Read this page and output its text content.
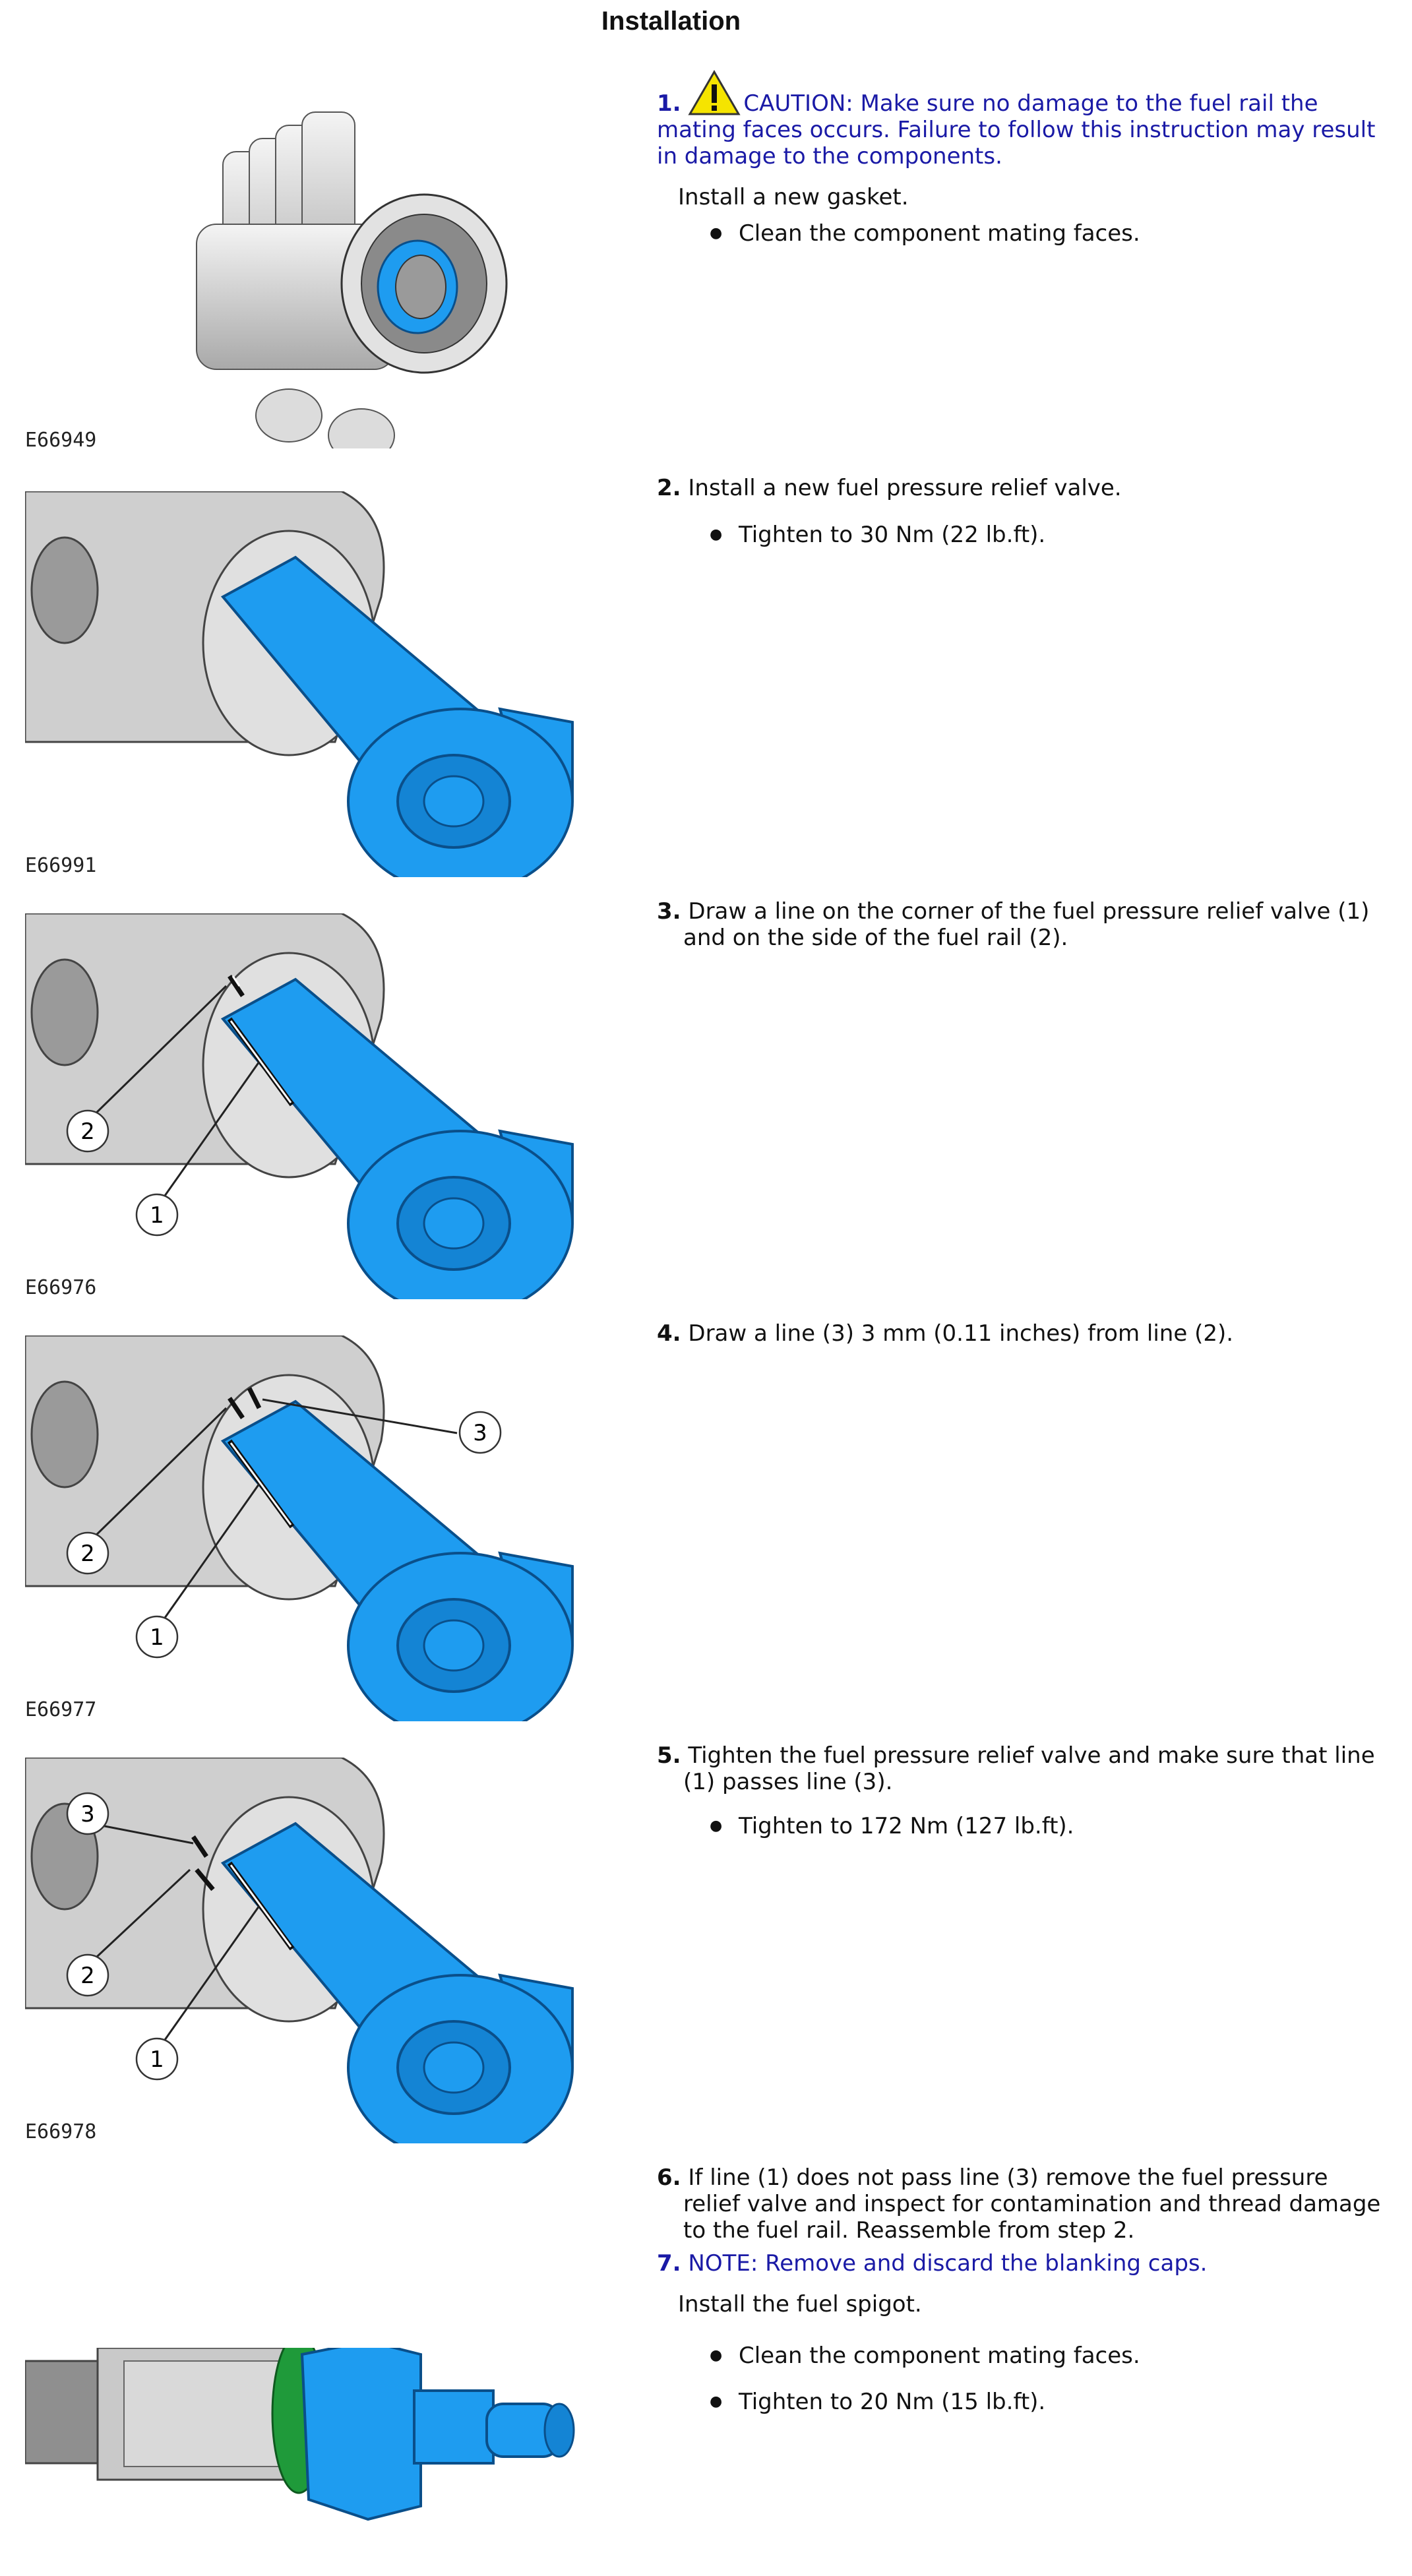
Installation
E66949
E66991
2
1
E66976
2
1
3
E66977
2
1
3
E66978

1.	CAUTION: Make sure no damage to the fuel rail the mating faces occurs. Failure to follow this instruction may result in damage to the components.

Install a new gasket.

● Clean the component mating faces.

2. Install a new fuel pressure relief valve.

● Tighten to 30 Nm (22 lb.ft).

3. Draw a line on the corner of the fuel pressure relief valve (1) and on the side of the fuel rail (2).

4. Draw a line (3) 3 mm (0.11 inches) from line (2).

5. Tighten the fuel pressure relief valve and make sure that line (1) passes line (3).

● Tighten to 172 Nm (127 lb.ft).

6. If line (1) does not pass line (3) remove the fuel pressure relief valve and inspect for contamination and thread damage to the fuel rail. Reassemble from step 2.

7. NOTE: Remove and discard the blanking caps.

Install the fuel spigot.

● Clean the component mating faces.
● Tighten to 20 Nm (15 lb.ft).
